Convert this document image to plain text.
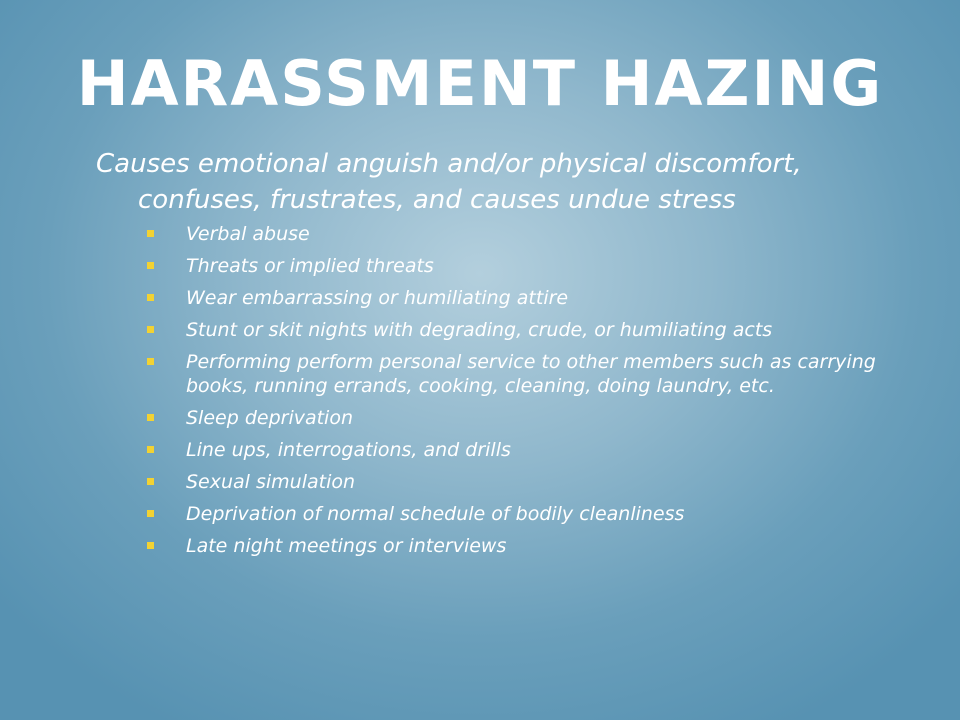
HARASSMENT HAZING
Causes emotional anguish and/or physical discomfort, confuses, frustrates, and causes undue stress
Verbal abuse
Threats or implied threats
Wear embarrassing or humiliating attire
Stunt or skit nights with degrading, crude, or humiliating acts
Performing perform personal service to other members such as carrying books, running errands, cooking, cleaning, doing laundry, etc.
Sleep deprivation
Line ups, interrogations, and drills
Sexual simulation
Deprivation of normal schedule of bodily cleanliness
Late night meetings or interviews
